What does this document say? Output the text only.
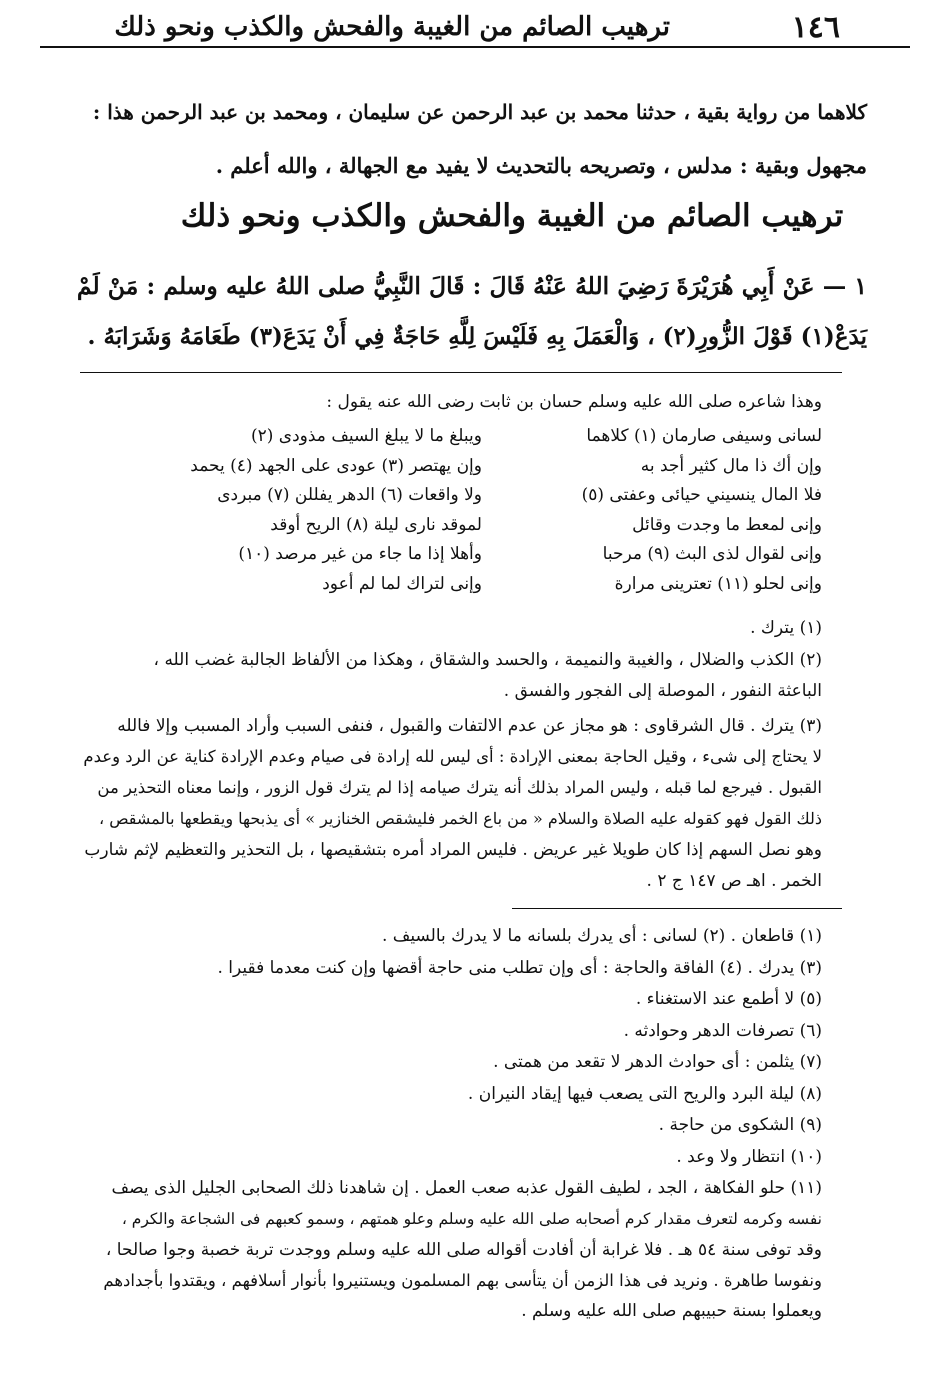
١٤٦
ترهيب الصائم من الغيبة والفحش والكذب ونحو ذلك
كلاهما من رواية بقية ، حدثنا محمد بن عبد الرحمن عن سليمان ، ومحمد بن عبد الرحمن هذا :
مجهول وبقية : مدلس ، وتصريحه بالتحديث لا يفيد مع الجهالة ، والله أعلم .
ترهيب الصائم من الغيبة والفحش والكذب ونحو ذلك
١ — عَنْ أَبِي هُرَيْرَةَ رَضِيَ اللهُ عَنْهُ قَالَ : قَالَ النَّبِيُّ صلى اللهُ عليه وسلم : مَنْ لَمْ
يَدَعْ(١) قَوْلَ الزُّورِ(٢) ، وَالْعَمَلَ بِهِ فَلَيْسَ لِلَّهِ حَاجَةٌ فِي أَنْ يَدَعَ(٣) طَعَامَهُ وَشَرَابَهُ .
وهذا شاعره صلى الله عليه وسلم حسان بن ثابت رضى الله عنه يقول :
لسانى وسيفى صارمان (١) كلاهما
ويبلغ ما لا يبلغ السيف مذودى (٢)
وإن أك ذا مال كثير أجد به
وإن يهتصر (٣) عودى على الجهد (٤) يحمد
فلا المال ينسيني حيائى وعفتى (٥)
ولا واقعات (٦) الدهر يفللن (٧) مبردى
وإنى لمعط ما وجدت وقائل
لموقد نارى ليلة (٨) الريح أوقد
وإنى لقوال لذى البث (٩) مرحبا
وأهلا إذا ما جاء من غير مرصد (١٠)
وإنى لحلو (١١) تعترينى مرارة
وإنى لتراك لما لم أعود
(١) يترك .
(٢) الكذب والضلال ، والغيبة والنميمة ، والحسد والشقاق ، وهكذا من الألفاظ الجالبة غضب الله ،
الباعثة النفور ، الموصلة إلى الفجور والفسق .
(٣) يترك . قال الشرقاوى : هو مجاز عن عدم الالتفات والقبول ، فنفى السبب وأراد المسبب وإلا فالله
لا يحتاج إلى شىء ، وقيل الحاجة بمعنى الإرادة : أى ليس لله إرادة فى صيام وعدم الإرادة كناية عن الرد وعدم
القبول . فيرجع لما قبله ، وليس المراد بذلك أنه يترك صيامه إذا لم يترك قول الزور ، وإنما معناه التحذير من
ذلك القول فهو كقوله عليه الصلاة والسلام « من باع الخمر فليشقص الخنازير » أى يذبحها ويقطعها بالمشقص ،
وهو نصل السهم إذا كان طويلا غير عريض . فليس المراد أمره بتشقيصها ، بل التحذير والتعظيم لإثم شارب
الخمر . اهـ ص ١٤٧ ج ٢ .
(١) قاطعان . (٢) لسانى : أى يدرك بلسانه ما لا يدرك بالسيف .
(٣) يدرك . (٤) الفاقة والحاجة : أى وإن تطلب منى حاجة أقضها وإن كنت معدما فقيرا .
(٥) لا أطمع عند الاستغناء .
(٦) تصرفات الدهر وحوادثه .
(٧) يثلمن : أى حوادث الدهر لا تقعد من همتى .
(٨) ليلة البرد والريح التى يصعب فيها إيقاد النيران .
(٩) الشكوى من حاجة .
(١٠) انتظار ولا وعد .
(١١) حلو الفكاهة ، الجد ، لطيف القول عذبه صعب العمل . إن شاهدنا ذلك الصحابى الجليل الذى يصف
نفسه وكرمه لتعرف مقدار كرم أصحابه صلى الله عليه وسلم وعلو همتهم ، وسمو كعبهم فى الشجاعة والكرم ،
وقد توفى سنة ٥٤ هـ . فلا غرابة أن أفادت أقواله صلى الله عليه وسلم ووجدت تربة خصبة وجوا صالحا ،
ونفوسا طاهرة . ونريد فى هذا الزمن أن يتأسى بهم المسلمون ويستنيروا بأنوار أسلافهم ، ويقتدوا بأجدادهم
ويعملوا بسنة حبيبهم صلى الله عليه وسلم .
